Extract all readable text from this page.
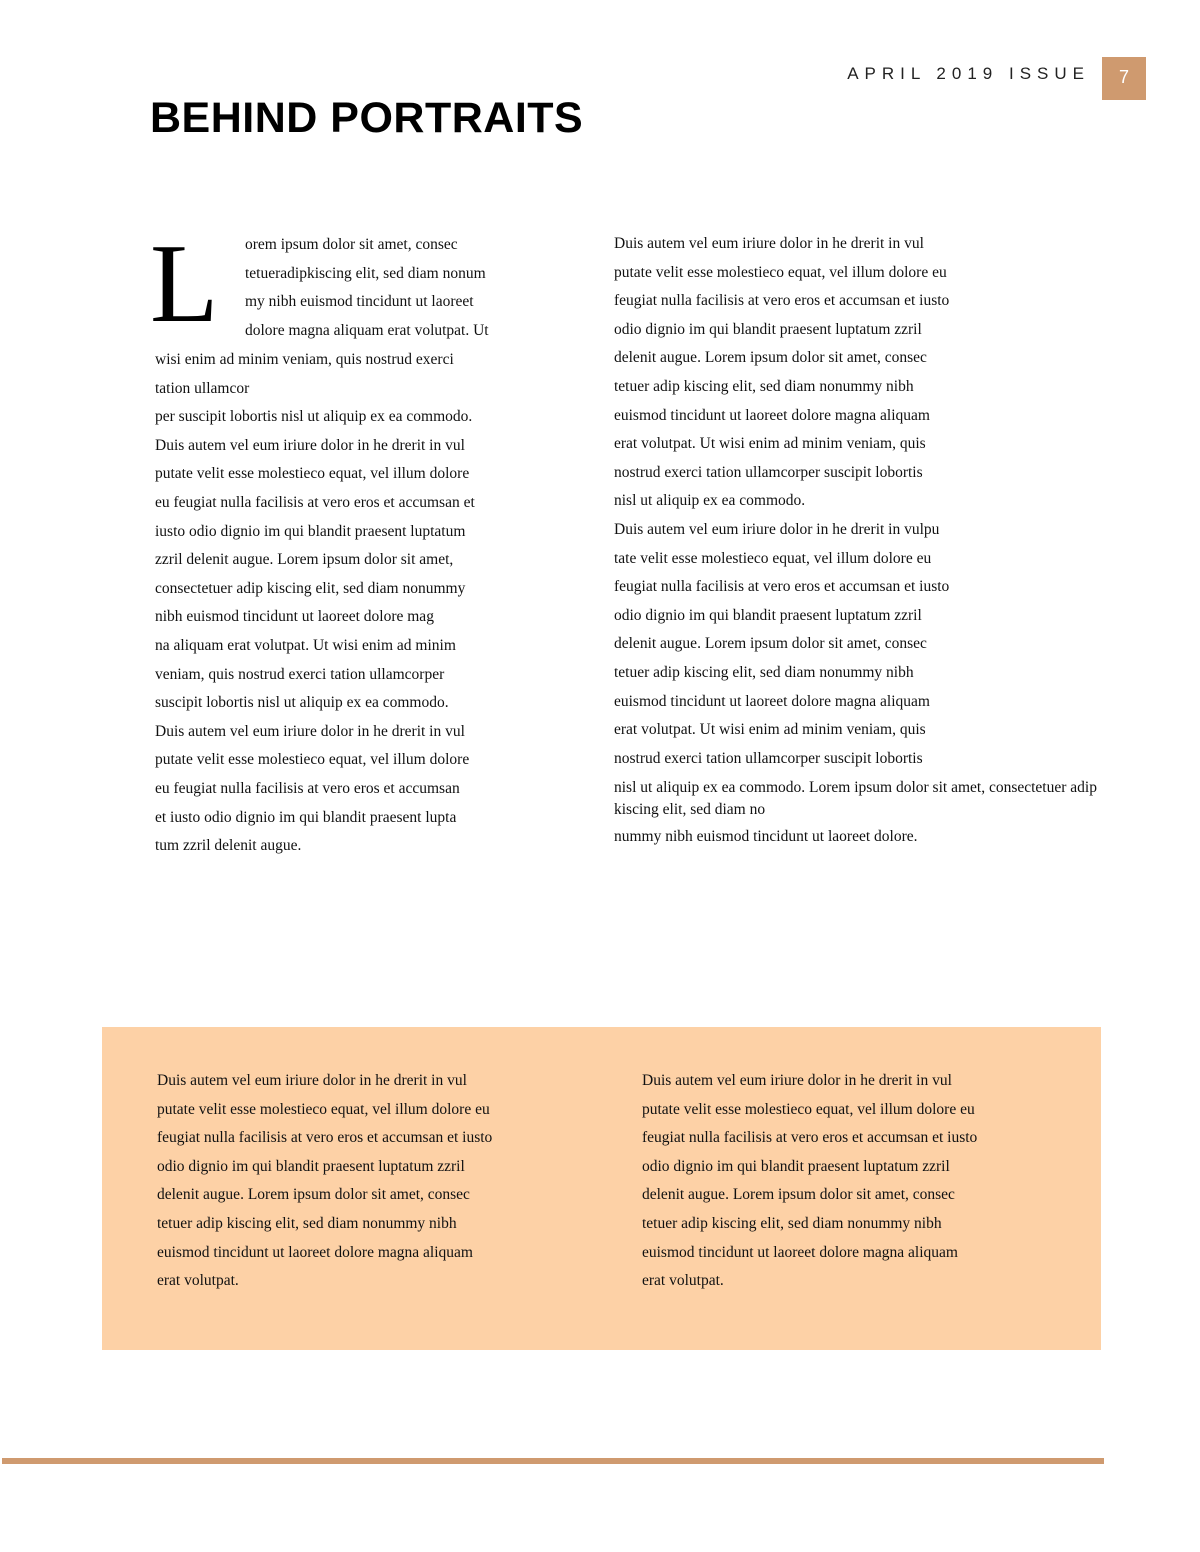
APRIL 2019 ISSUE	7
BEHIND PORTRAITS
L orem ipsum dolor sit amet, consec
tetueradipkiscing elit, sed diam nonum
my nibh euismod tincidunt ut laoreet
dolore magna aliquam erat volutpat. Ut
wisi enim ad minim veniam, quis nostrud exerci
tation ullamcor
per suscipit lobortis nisl ut aliquip ex ea commodo.
Duis autem vel eum iriure dolor in he drerit in vul
putate velit esse molestieco equat, vel illum dolore
eu feugiat nulla facilisis at vero eros et accumsan et
iusto odio dignio im qui blandit praesent luptatum
zzril delenit augue. Lorem ipsum dolor sit amet,
consectetuer adip kiscing elit, sed diam nonummy
nibh euismod tincidunt ut laoreet dolore mag
na aliquam erat volutpat. Ut wisi enim ad minim
veniam, quis nostrud exerci tation ullamcorper
suscipit lobortis nisl ut aliquip ex ea commodo.
Duis autem vel eum iriure dolor in he drerit in vul
putate velit esse molestieco equat, vel illum dolore
eu feugiat nulla facilisis at vero eros et accumsan
et iusto odio dignio im qui blandit praesent lupta
tum zzril delenit augue.
Duis autem vel eum iriure dolor in he drerit in vul
putate velit esse molestieco equat, vel illum dolore eu
feugiat nulla facilisis at vero eros et accumsan et iusto
odio dignio im qui blandit praesent luptatum zzril
delenit augue. Lorem ipsum dolor sit amet, consec
tetuer adip kiscing elit, sed diam nonummy nibh
euismod tincidunt ut laoreet dolore magna aliquam
erat volutpat. Ut wisi enim ad minim veniam, quis
nostrud exerci tation ullamcorper suscipit lobortis
nisl ut aliquip ex ea commodo.
Duis autem vel eum iriure dolor in he drerit in vulpu
tate velit esse molestieco equat, vel illum dolore eu
feugiat nulla facilisis at vero eros et accumsan et iusto
odio dignio im qui blandit praesent luptatum zzril
delenit augue. Lorem ipsum dolor sit amet, consec
tetuer adip kiscing elit, sed diam nonummy nibh
euismod tincidunt ut laoreet dolore magna aliquam
erat volutpat. Ut wisi enim ad minim veniam, quis
nostrud exerci tation ullamcorper suscipit lobortis
nisl ut aliquip ex ea commodo. Lorem ipsum dolor sit amet, consectetuer adip kiscing elit, sed diam no
nummy nibh euismod tincidunt ut laoreet dolore.
Duis autem vel eum iriure dolor in he drerit in vul
putate velit esse molestieco equat, vel illum dolore eu
feugiat nulla facilisis at vero eros et accumsan et iusto
odio dignio im qui blandit praesent luptatum zzril
delenit augue. Lorem ipsum dolor sit amet, consec
tetuer adip kiscing elit, sed diam nonummy nibh
euismod tincidunt ut laoreet dolore magna aliquam
erat volutpat.
Duis autem vel eum iriure dolor in he drerit in vul
putate velit esse molestieco equat, vel illum dolore eu
feugiat nulla facilisis at vero eros et accumsan et iusto
odio dignio im qui blandit praesent luptatum zzril
delenit augue. Lorem ipsum dolor sit amet, consec
tetuer adip kiscing elit, sed diam nonummy nibh
euismod tincidunt ut laoreet dolore magna aliquam
erat volutpat.
